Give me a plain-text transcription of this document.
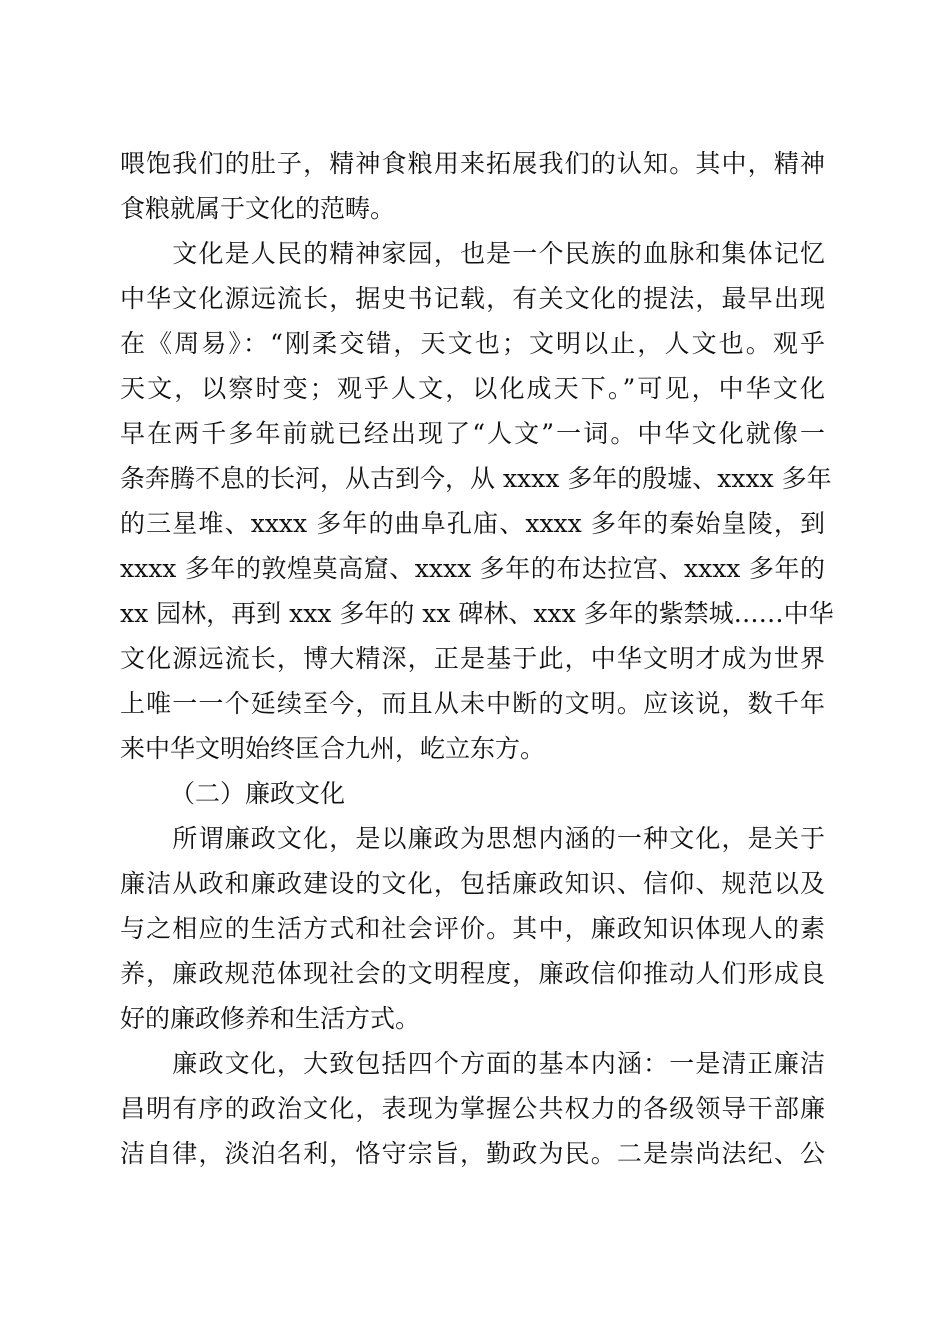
喂饱我们的肚子，精神食粮用来拓展我们的认知。其中，精神
食粮就属于文化的范畴。
　　文化是人民的精神家园，也是一个民族的血脉和集体记忆
中华文化源远流长，据史书记载，有关文化的提法，最早出现
在《周易》：“刚柔交错，天文也；文明以止，人文也。观乎
天文，以察时变；观乎人文，以化成天下。”可见，中华文化
早在两千多年前就已经出现了“人文”一词。中华文化就像一
条奔腾不息的长河，从古到今，从 xxxx 多年的殷墟、xxxx 多年
的三星堆、xxxx 多年的曲阜孔庙、xxxx 多年的秦始皇陵，到
xxxx 多年的敦煌莫高窟、xxxx 多年的布达拉宫、xxxx 多年的
xx 园林，再到 xxx 多年的 xx 碑林、xxx 多年的紫禁城……中华
文化源远流长，博大精深，正是基于此，中华文明才成为世界
上唯一一个延续至今，而且从未中断的文明。应该说，数千年
来中华文明始终匡合九州，屹立东方。
（二）廉政文化
　　所谓廉政文化，是以廉政为思想内涵的一种文化，是关于
廉洁从政和廉政建设的文化，包括廉政知识、信仰、规范以及
与之相应的生活方式和社会评价。其中，廉政知识体现人的素
养，廉政规范体现社会的文明程度，廉政信仰推动人们形成良
好的廉政修养和生活方式。
　　廉政文化，大致包括四个方面的基本内涵：一是清正廉洁
昌明有序的政治文化，表现为掌握公共权力的各级领导干部廉
洁自律，淡泊名利，恪守宗旨，勤政为民。二是崇尚法纪、公
